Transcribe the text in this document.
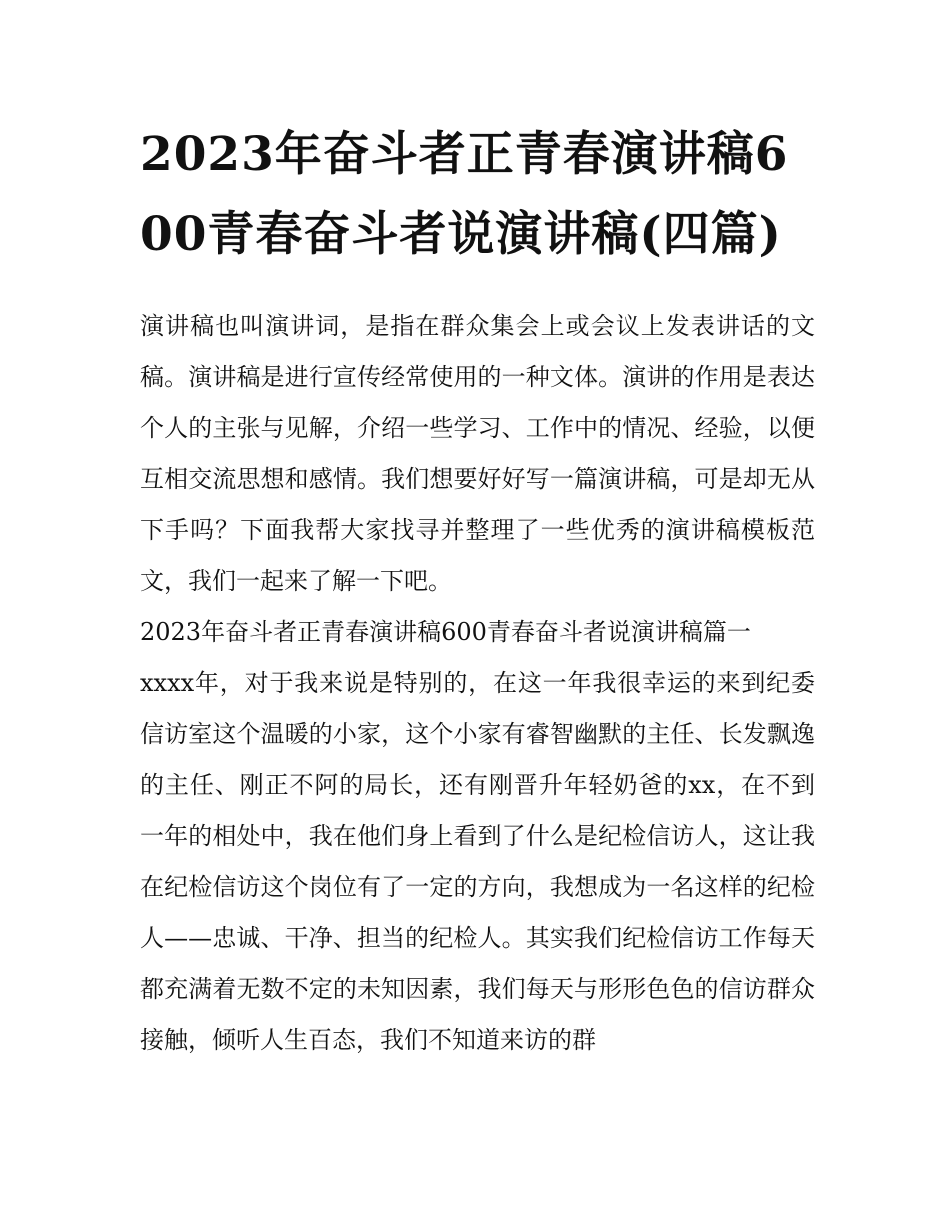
2023年奋斗者正青春演讲稿600青春奋斗者说演讲稿(四篇)

演讲稿也叫演讲词，是指在群众集会上或会议上发表讲话的文稿。演讲稿是进行宣传经常使用的一种文体。演讲的作用是表达个人的主张与见解，介绍一些学习、工作中的情况、经验，以便互相交流思想和感情。我们想要好好写一篇演讲稿，可是却无从下手吗？下面我帮大家找寻并整理了一些优秀的演讲稿模板范文，我们一起来了解一下吧。

2023年奋斗者正青春演讲稿600青春奋斗者说演讲稿篇一

xxxx年，对于我来说是特别的，在这一年我很幸运的来到纪委信访室这个温暖的小家，这个小家有睿智幽默的主任、长发飘逸的主任、刚正不阿的局长，还有刚晋升年轻奶爸的xx，在不到一年的相处中，我在他们身上看到了什么是纪检信访人，这让我在纪检信访这个岗位有了一定的方向，我想成为一名这样的纪检人——忠诚、干净、担当的纪检人。其实我们纪检信访工作每天都充满着无数不定的未知因素，我们每天与形形色色的信访群众接触，倾听人生百态，我们不知道来访的群
